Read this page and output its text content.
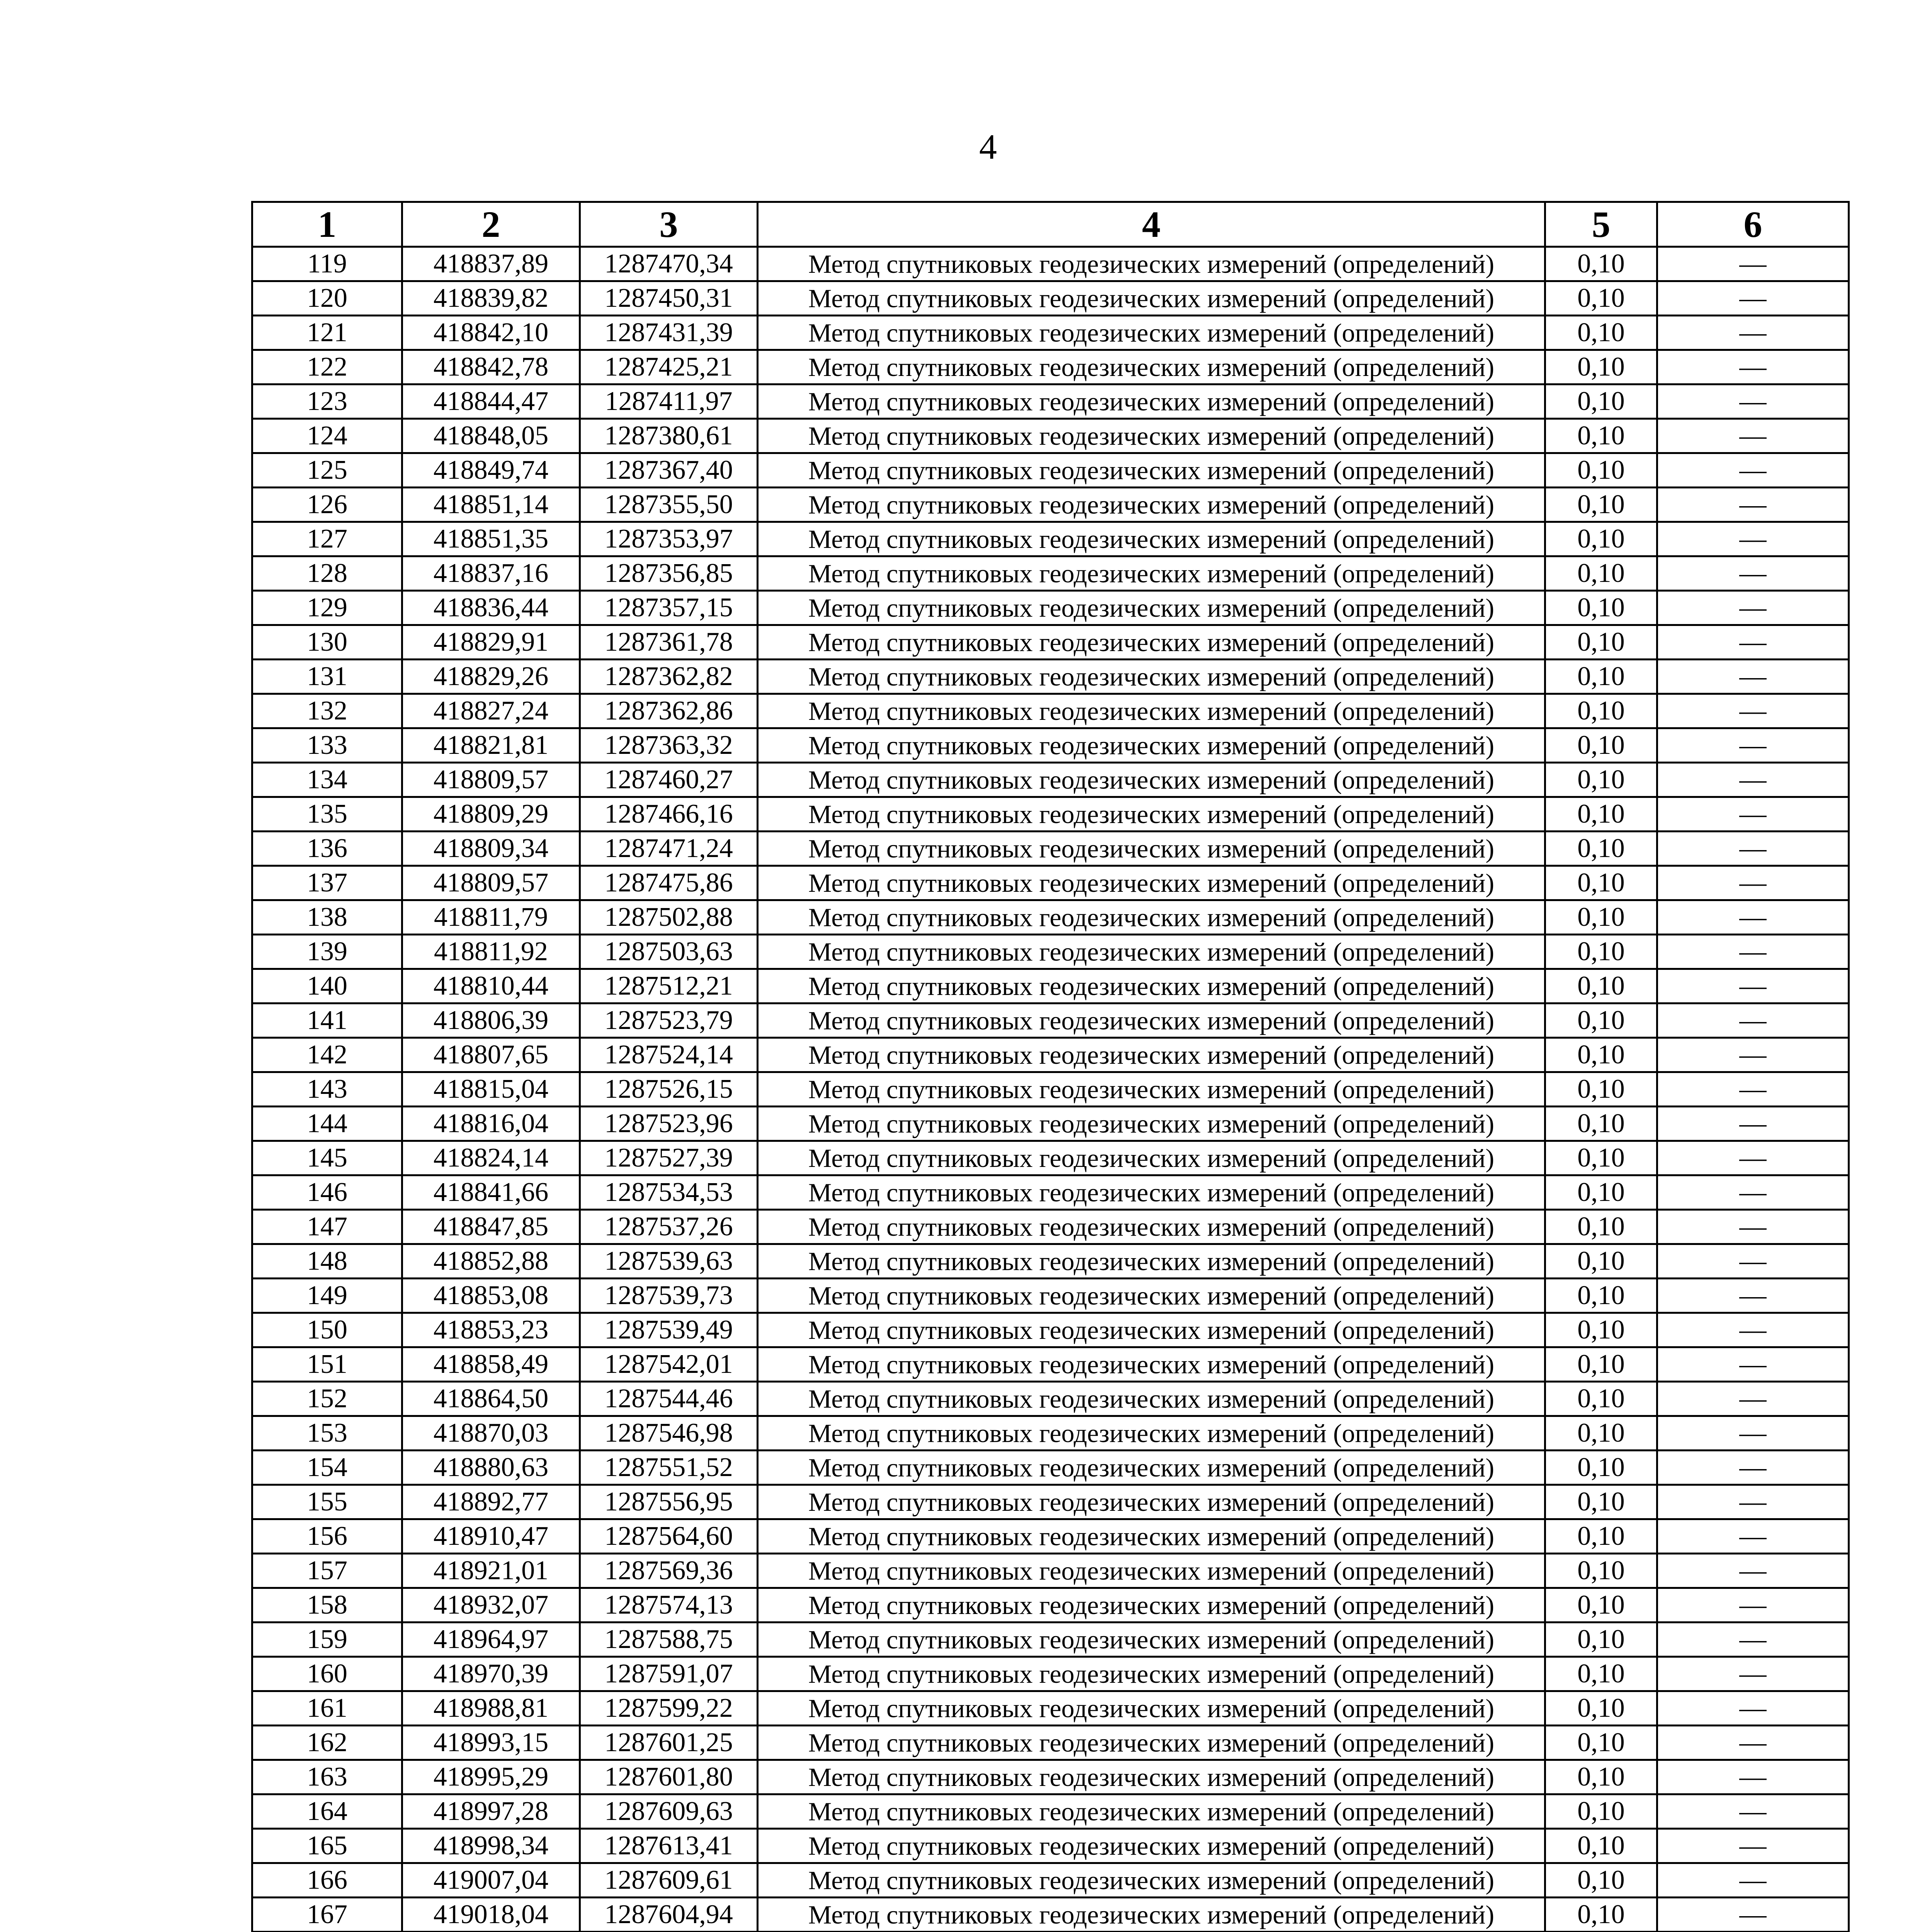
4
1	2	3	4	5	6
119	418837,89	1287470,34	Метод спутниковых геодезических измерений (определений)	0,10	—
120	418839,82	1287450,31	Метод спутниковых геодезических измерений (определений)	0,10	—
121	418842,10	1287431,39	Метод спутниковых геодезических измерений (определений)	0,10	—
122	418842,78	1287425,21	Метод спутниковых геодезических измерений (определений)	0,10	—
123	418844,47	1287411,97	Метод спутниковых геодезических измерений (определений)	0,10	—
124	418848,05	1287380,61	Метод спутниковых геодезических измерений (определений)	0,10	—
125	418849,74	1287367,40	Метод спутниковых геодезических измерений (определений)	0,10	—
126	418851,14	1287355,50	Метод спутниковых геодезических измерений (определений)	0,10	—
127	418851,35	1287353,97	Метод спутниковых геодезических измерений (определений)	0,10	—
128	418837,16	1287356,85	Метод спутниковых геодезических измерений (определений)	0,10	—
129	418836,44	1287357,15	Метод спутниковых геодезических измерений (определений)	0,10	—
130	418829,91	1287361,78	Метод спутниковых геодезических измерений (определений)	0,10	—
131	418829,26	1287362,82	Метод спутниковых геодезических измерений (определений)	0,10	—
132	418827,24	1287362,86	Метод спутниковых геодезических измерений (определений)	0,10	—
133	418821,81	1287363,32	Метод спутниковых геодезических измерений (определений)	0,10	—
134	418809,57	1287460,27	Метод спутниковых геодезических измерений (определений)	0,10	—
135	418809,29	1287466,16	Метод спутниковых геодезических измерений (определений)	0,10	—
136	418809,34	1287471,24	Метод спутниковых геодезических измерений (определений)	0,10	—
137	418809,57	1287475,86	Метод спутниковых геодезических измерений (определений)	0,10	—
138	418811,79	1287502,88	Метод спутниковых геодезических измерений (определений)	0,10	—
139	418811,92	1287503,63	Метод спутниковых геодезических измерений (определений)	0,10	—
140	418810,44	1287512,21	Метод спутниковых геодезических измерений (определений)	0,10	—
141	418806,39	1287523,79	Метод спутниковых геодезических измерений (определений)	0,10	—
142	418807,65	1287524,14	Метод спутниковых геодезических измерений (определений)	0,10	—
143	418815,04	1287526,15	Метод спутниковых геодезических измерений (определений)	0,10	—
144	418816,04	1287523,96	Метод спутниковых геодезических измерений (определений)	0,10	—
145	418824,14	1287527,39	Метод спутниковых геодезических измерений (определений)	0,10	—
146	418841,66	1287534,53	Метод спутниковых геодезических измерений (определений)	0,10	—
147	418847,85	1287537,26	Метод спутниковых геодезических измерений (определений)	0,10	—
148	418852,88	1287539,63	Метод спутниковых геодезических измерений (определений)	0,10	—
149	418853,08	1287539,73	Метод спутниковых геодезических измерений (определений)	0,10	—
150	418853,23	1287539,49	Метод спутниковых геодезических измерений (определений)	0,10	—
151	418858,49	1287542,01	Метод спутниковых геодезических измерений (определений)	0,10	—
152	418864,50	1287544,46	Метод спутниковых геодезических измерений (определений)	0,10	—
153	418870,03	1287546,98	Метод спутниковых геодезических измерений (определений)	0,10	—
154	418880,63	1287551,52	Метод спутниковых геодезических измерений (определений)	0,10	—
155	418892,77	1287556,95	Метод спутниковых геодезических измерений (определений)	0,10	—
156	418910,47	1287564,60	Метод спутниковых геодезических измерений (определений)	0,10	—
157	418921,01	1287569,36	Метод спутниковых геодезических измерений (определений)	0,10	—
158	418932,07	1287574,13	Метод спутниковых геодезических измерений (определений)	0,10	—
159	418964,97	1287588,75	Метод спутниковых геодезических измерений (определений)	0,10	—
160	418970,39	1287591,07	Метод спутниковых геодезических измерений (определений)	0,10	—
161	418988,81	1287599,22	Метод спутниковых геодезических измерений (определений)	0,10	—
162	418993,15	1287601,25	Метод спутниковых геодезических измерений (определений)	0,10	—
163	418995,29	1287601,80	Метод спутниковых геодезических измерений (определений)	0,10	—
164	418997,28	1287609,63	Метод спутниковых геодезических измерений (определений)	0,10	—
165	418998,34	1287613,41	Метод спутниковых геодезических измерений (определений)	0,10	—
166	419007,04	1287609,61	Метод спутниковых геодезических измерений (определений)	0,10	—
167	419018,04	1287604,94	Метод спутниковых геодезических измерений (определений)	0,10	—
